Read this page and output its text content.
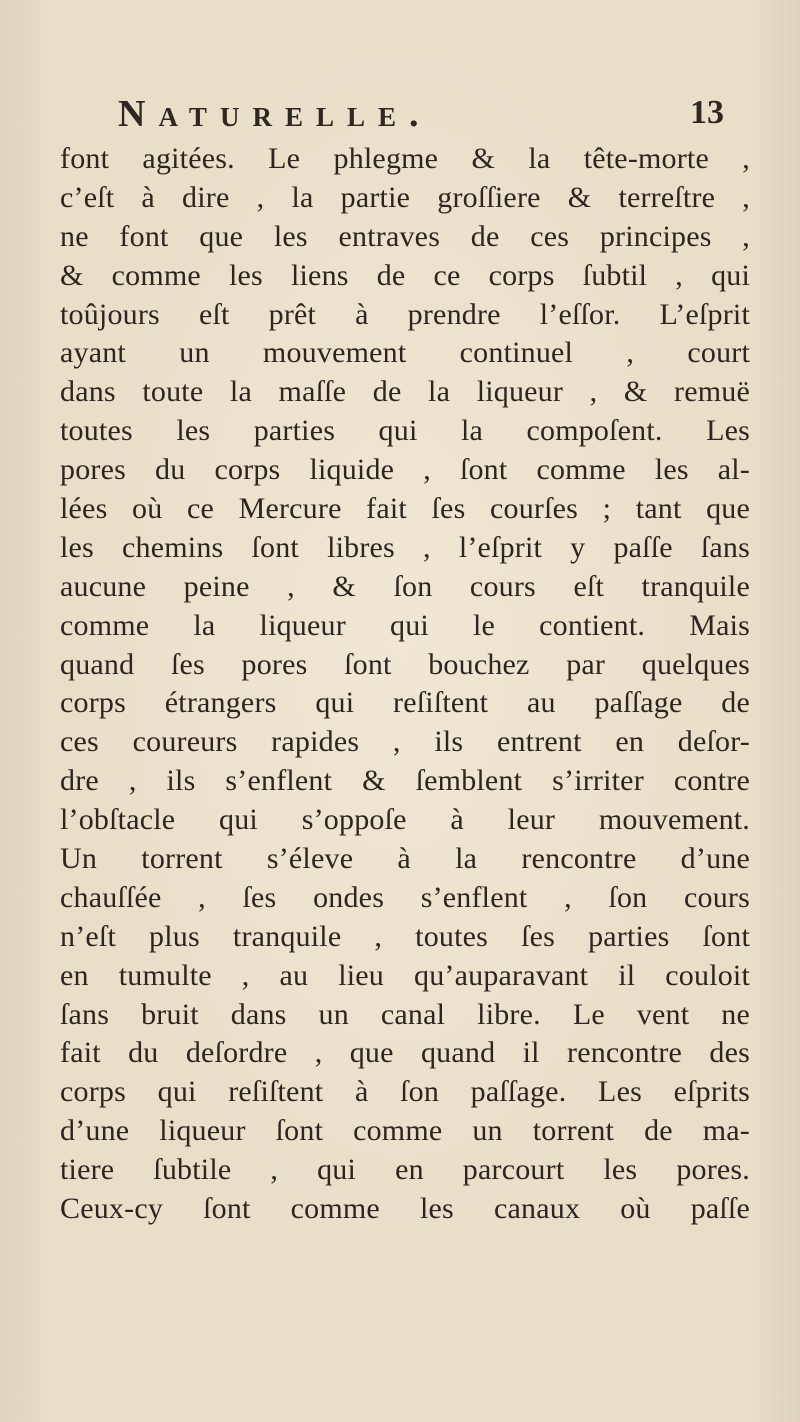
Naturelle.	13
font agitées. Le phlegme & la tête-morte ,
c’eſt à dire , la partie groſſiere & terreſtre ,
ne font que les entraves de ces principes ,
& comme les liens de ce corps ſubtil , qui
toûjours eſt prêt à prendre l’eſſor. L’eſprit
ayant un mouvement continuel , court
dans toute la maſſe de la liqueur , & remuë
toutes les parties qui la compoſent. Les
pores du corps liquide , ſont comme les al-
lées où ce Mercure fait ſes courſes ; tant que
les chemins ſont libres , l’eſprit y paſſe ſans
aucune peine , & ſon cours eſt tranquile
comme la liqueur qui le contient. Mais
quand ſes pores ſont bouchez par quelques
corps étrangers qui reſiſtent au paſſage de
ces coureurs rapides , ils entrent en deſor-
dre , ils s’enflent & ſemblent s’irriter contre
l’obſtacle qui s’oppoſe à leur mouvement.
Un torrent s’éleve à la rencontre d’une
chauſſée , ſes ondes s’enflent , ſon cours
n’eſt plus tranquile , toutes ſes parties ſont
en tumulte , au lieu qu’auparavant il couloit
ſans bruit dans un canal libre. Le vent ne
fait du deſordre , que quand il rencontre des
corps qui reſiſtent à ſon paſſage. Les eſprits
d’une liqueur ſont comme un torrent de ma-
tiere ſubtile , qui en parcourt les pores.
Ceux-cy ſont comme les canaux où paſſe
